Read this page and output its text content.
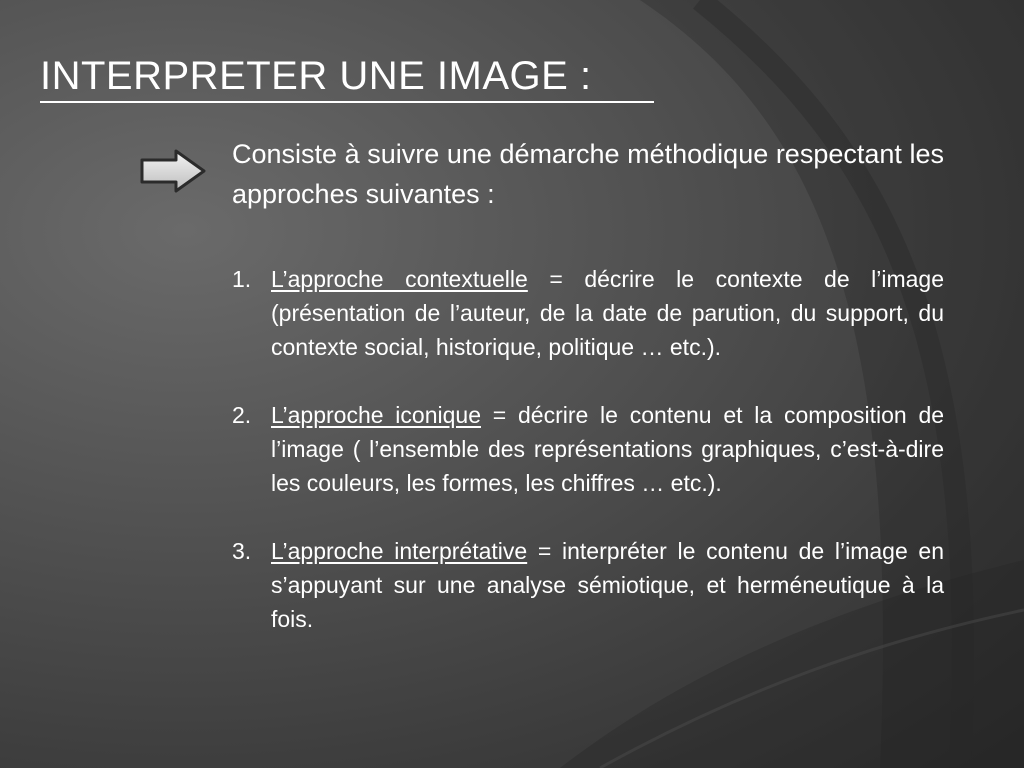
INTERPRETER UNE IMAGE :

Consiste à suivre une démarche méthodique respectant les approches suivantes :

1. L’approche contextuelle = décrire le contexte de l’image (présentation de l’auteur, de la date de parution, du support, du contexte social, historique, politique … etc.).
2. L’approche iconique = décrire le contenu et la composition de l’image ( l’ensemble des représentations graphiques, c’est-à-dire les couleurs, les formes, les chiffres … etc.).
3. L’approche interprétative = interpréter le contenu de l’image en s’appuyant sur une analyse sémiotique, et herméneutique à la fois.
